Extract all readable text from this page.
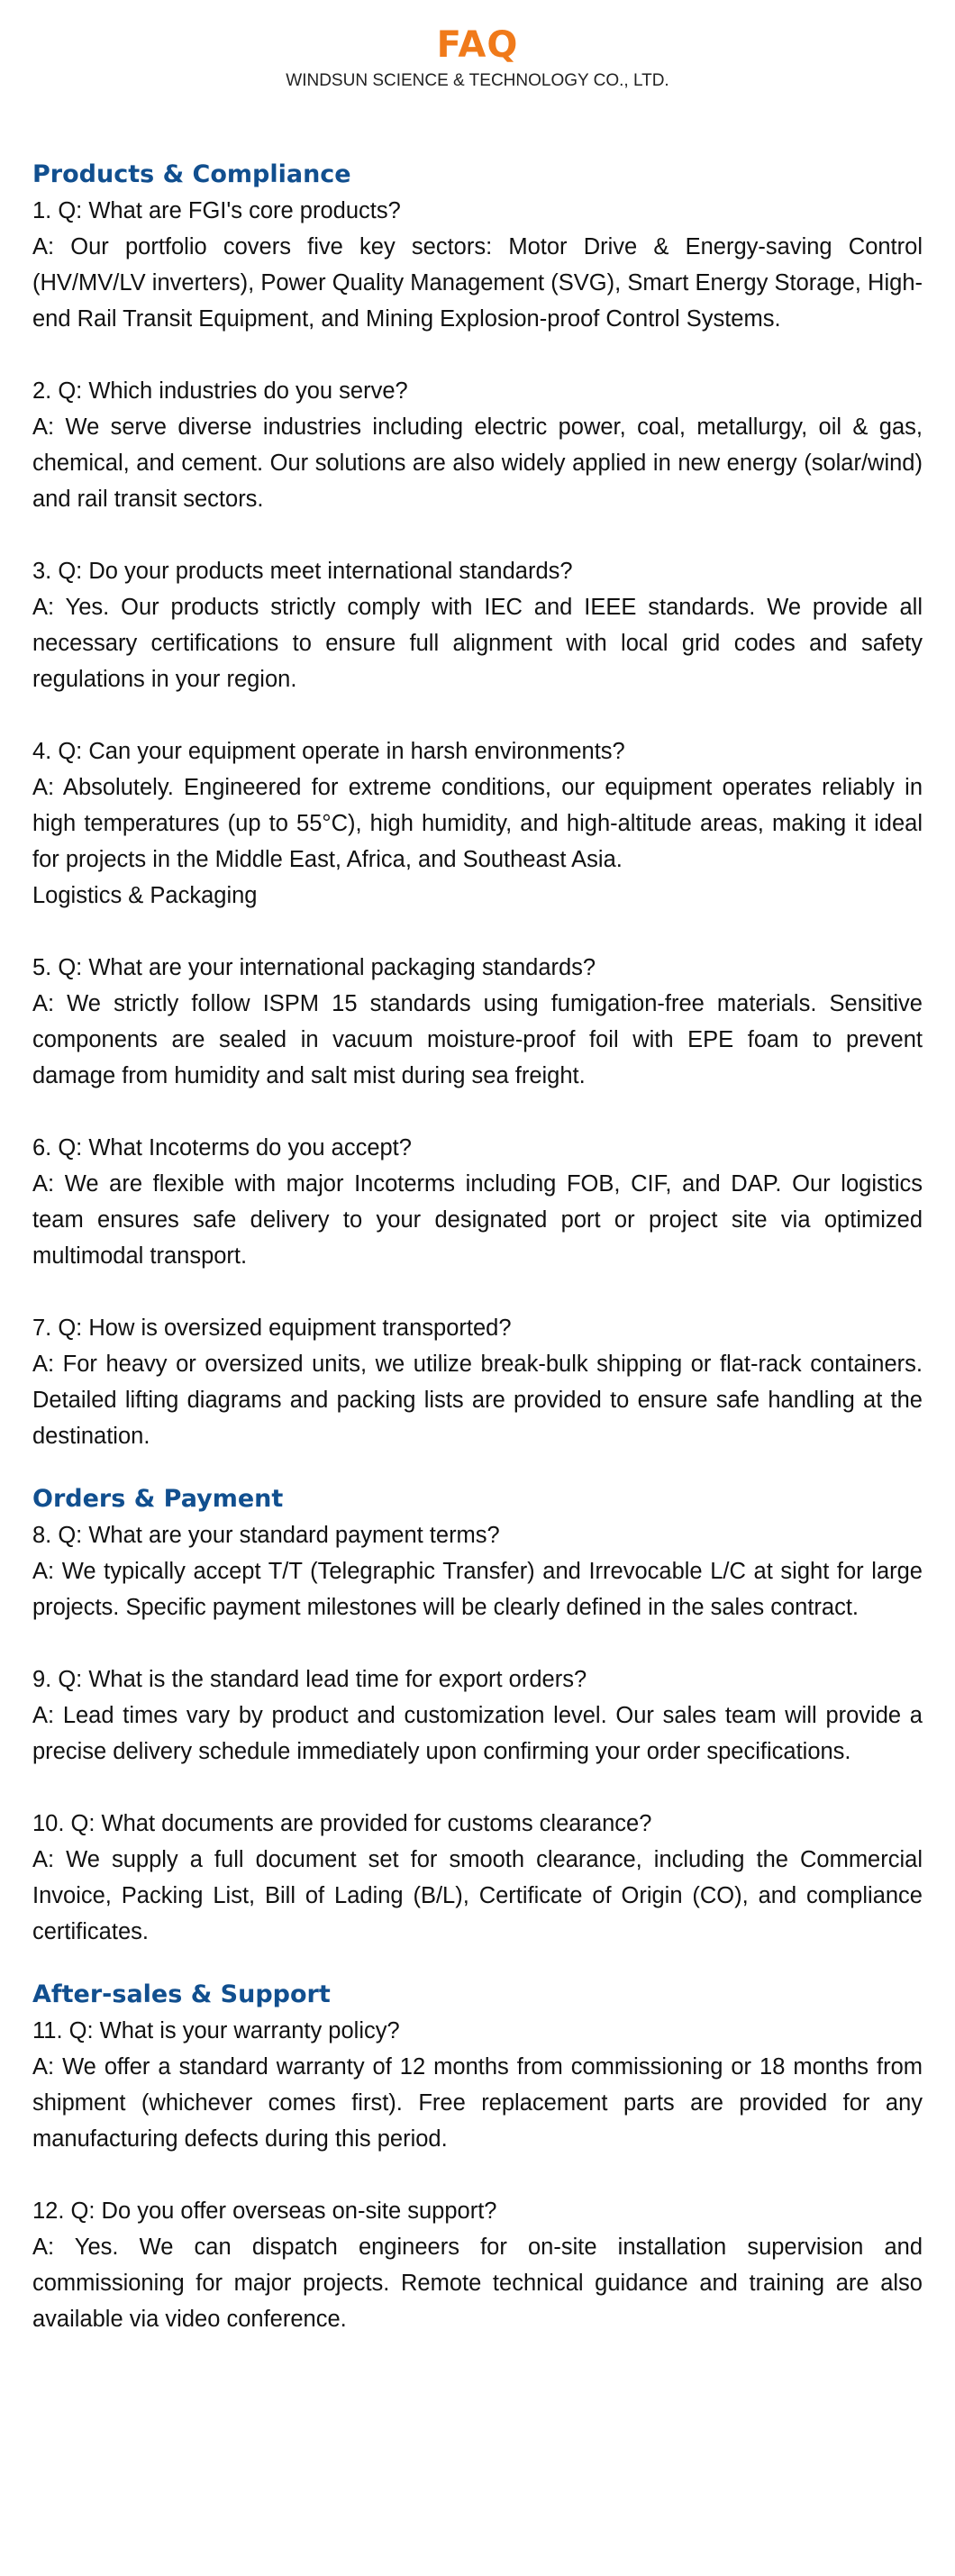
FAQ

WINDSUN SCIENCE & TECHNOLOGY CO., LTD.

Products & Compliance

1. Q: What are FGI's core products?

A: Our portfolio covers five key sectors: Motor Drive & Energy-saving Control (HV/MV/LV inverters), Power Quality Management (SVG), Smart Energy Storage, High-end Rail Transit Equipment, and Mining Explosion-proof Control Systems.

2. Q: Which industries do you serve?

A: We serve diverse industries including electric power, coal, metallurgy, oil & gas, chemical, and cement. Our solutions are also widely applied in new energy (solar/wind) and rail transit sectors.

3. Q: Do your products meet international standards?

A: Yes. Our products strictly comply with IEC and IEEE standards. We provide all necessary certifications to ensure full alignment with local grid codes and safety regulations in your region.

4. Q: Can your equipment operate in harsh environments?

A: Absolutely. Engineered for extreme conditions, our equipment operates reliably in high temperatures (up to 55°C), high humidity, and high-altitude areas, making it ideal for projects in the Middle East, Africa, and Southeast Asia.

Logistics & Packaging

5. Q: What are your international packaging standards?

A: We strictly follow ISPM 15 standards using fumigation-free materials. Sensitive components are sealed in vacuum moisture-proof foil with EPE foam to prevent damage from humidity and salt mist during sea freight.

6. Q: What Incoterms do you accept?

A: We are flexible with major Incoterms including FOB, CIF, and DAP. Our logistics team ensures safe delivery to your designated port or project site via optimized multimodal transport.

7. Q: How is oversized equipment transported?

A: For heavy or oversized units, we utilize break-bulk shipping or flat-rack containers. Detailed lifting diagrams and packing lists are provided to ensure safe handling at the destination.

Orders & Payment

8. Q: What are your standard payment terms?

A: We typically accept T/T (Telegraphic Transfer) and Irrevocable L/C at sight for large projects. Specific payment milestones will be clearly defined in the sales contract.

9. Q: What is the standard lead time for export orders?

A: Lead times vary by product and customization level. Our sales team will provide a precise delivery schedule immediately upon confirming your order specifications.

10. Q: What documents are provided for customs clearance?

A: We supply a full document set for smooth clearance, including the Commercial Invoice, Packing List, Bill of Lading (B/L), Certificate of Origin (CO), and compliance certificates.

After-sales & Support

11. Q: What is your warranty policy?

A: We offer a standard warranty of 12 months from commissioning or 18 months from shipment (whichever comes first). Free replacement parts are provided for any manufacturing defects during this period.

12. Q: Do you offer overseas on-site support?

A: Yes. We can dispatch engineers for on-site installation supervision and commissioning for major projects. Remote technical guidance and training are also available via video conference.
